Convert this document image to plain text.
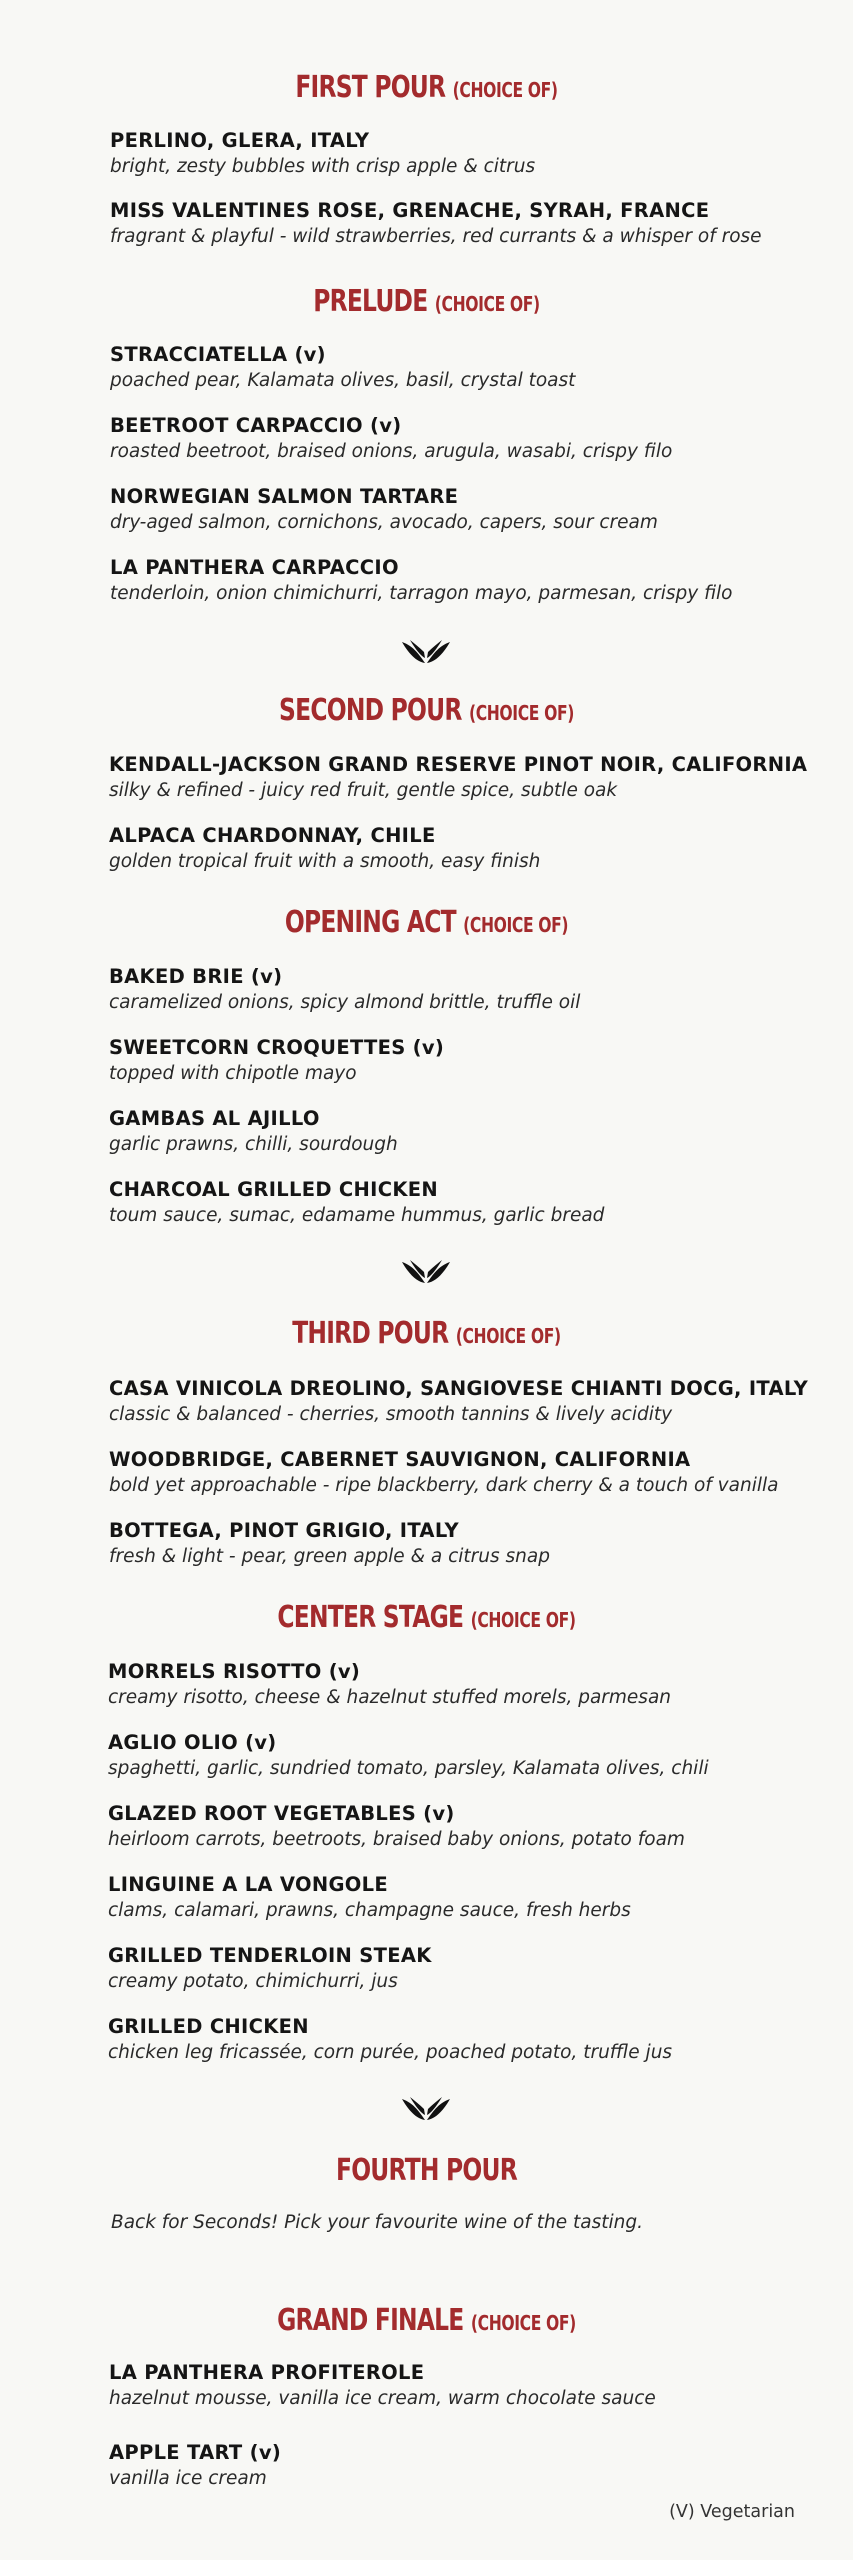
FIRST POUR (CHOICE OF)
PERLINO, GLERA, ITALY
bright, zesty bubbles with crisp apple & citrus
MISS VALENTINES ROSE, GRENACHE, SYRAH, FRANCE
fragrant & playful - wild strawberries, red currants & a whisper of rose
PRELUDE (CHOICE OF)
STRACCIATELLA (v)
poached pear, Kalamata olives, basil, crystal toast
BEETROOT CARPACCIO (v)
roasted beetroot, braised onions, arugula, wasabi, crispy filo
NORWEGIAN SALMON TARTARE
dry-aged salmon, cornichons, avocado, capers, sour cream
LA PANTHERA CARPACCIO
tenderloin, onion chimichurri, tarragon mayo, parmesan, crispy filo
SECOND POUR (CHOICE OF)
KENDALL-JACKSON GRAND RESERVE PINOT NOIR, CALIFORNIA
silky & refined - juicy red fruit, gentle spice, subtle oak
ALPACA CHARDONNAY, CHILE
golden tropical fruit with a smooth, easy finish
OPENING ACT (CHOICE OF)
BAKED BRIE (v)
caramelized onions, spicy almond brittle, truffle oil
SWEETCORN CROQUETTES (v)
topped with chipotle mayo
GAMBAS AL AJILLO
garlic prawns, chilli, sourdough
CHARCOAL GRILLED CHICKEN
toum sauce, sumac, edamame hummus, garlic bread
THIRD POUR (CHOICE OF)
CASA VINICOLA DREOLINO, SANGIOVESE CHIANTI DOCG, ITALY
classic & balanced - cherries, smooth tannins & lively acidity
WOODBRIDGE, CABERNET SAUVIGNON, CALIFORNIA
bold yet approachable - ripe blackberry, dark cherry & a touch of vanilla
BOTTEGA, PINOT GRIGIO, ITALY
fresh & light - pear, green apple & a citrus snap
CENTER STAGE (CHOICE OF)
MORRELS RISOTTO (v)
creamy risotto, cheese & hazelnut stuffed morels, parmesan
AGLIO OLIO (v)
spaghetti, garlic, sundried tomato, parsley, Kalamata olives, chili
GLAZED ROOT VEGETABLES (v)
heirloom carrots, beetroots, braised baby onions, potato foam
LINGUINE A LA VONGOLE
clams, calamari, prawns, champagne sauce, fresh herbs
GRILLED TENDERLOIN STEAK
creamy potato, chimichurri, jus
GRILLED CHICKEN
chicken leg fricassée, corn purée, poached potato, truffle jus
FOURTH POUR
Back for Seconds! Pick your favourite wine of the tasting.
GRAND FINALE (CHOICE OF)
LA PANTHERA PROFITEROLE
hazelnut mousse, vanilla ice cream, warm chocolate sauce
APPLE TART (v)
vanilla ice cream
(V) Vegetarian
